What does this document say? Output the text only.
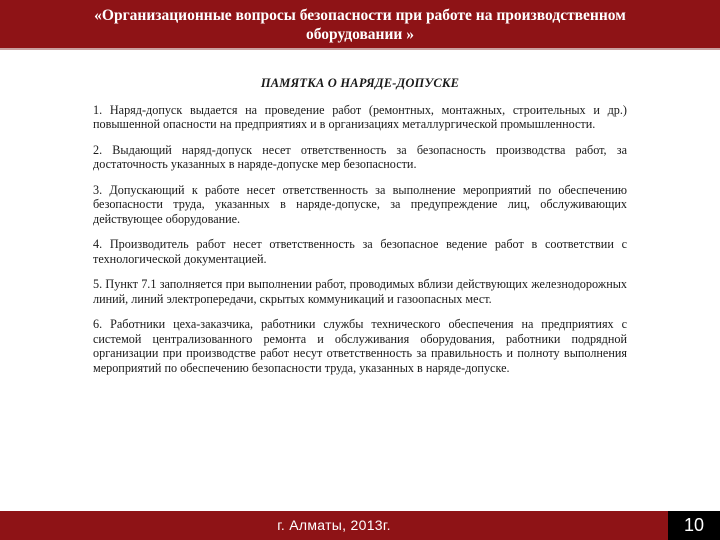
«Организационные вопросы безопасности при работе на производственном
оборудовании »
ПАМЯТКА О НАРЯДЕ-ДОПУСКЕ

1. Наряд-допуск выдается на проведение работ (ремонтных, монтажных, строительных и др.) повышенной опасности на предприятиях и в организациях металлургической промышленности.

2. Выдающий наряд-допуск несет ответственность за безопасность производства работ, за достаточность указанных в наряде-допуске мер безопасности.

3. Допускающий к работе несет ответственность за выполнение мероприятий по обеспечению безопасности труда, указанных в наряде-допуске, за предупреждение лиц, обслуживающих действующее оборудование.

4. Производитель работ несет ответственность за безопасное ведение работ в соответствии с технологической документацией.

5. Пункт 7.1 заполняется при выполнении работ, проводимых вблизи действующих железнодорожных линий, линий электропередачи, скрытых коммуникаций и газоопасных мест.

6. Работники цеха-заказчика, работники службы технического обеспечения на предприятиях с системой централизованного ремонта и обслуживания оборудования, работники подрядной организации при производстве работ несут ответственность за правильность и полноту выполнения мероприятий по обеспечению безопасности труда, указанных в наряде-допуске.

г. Алматы, 2013г.	10
